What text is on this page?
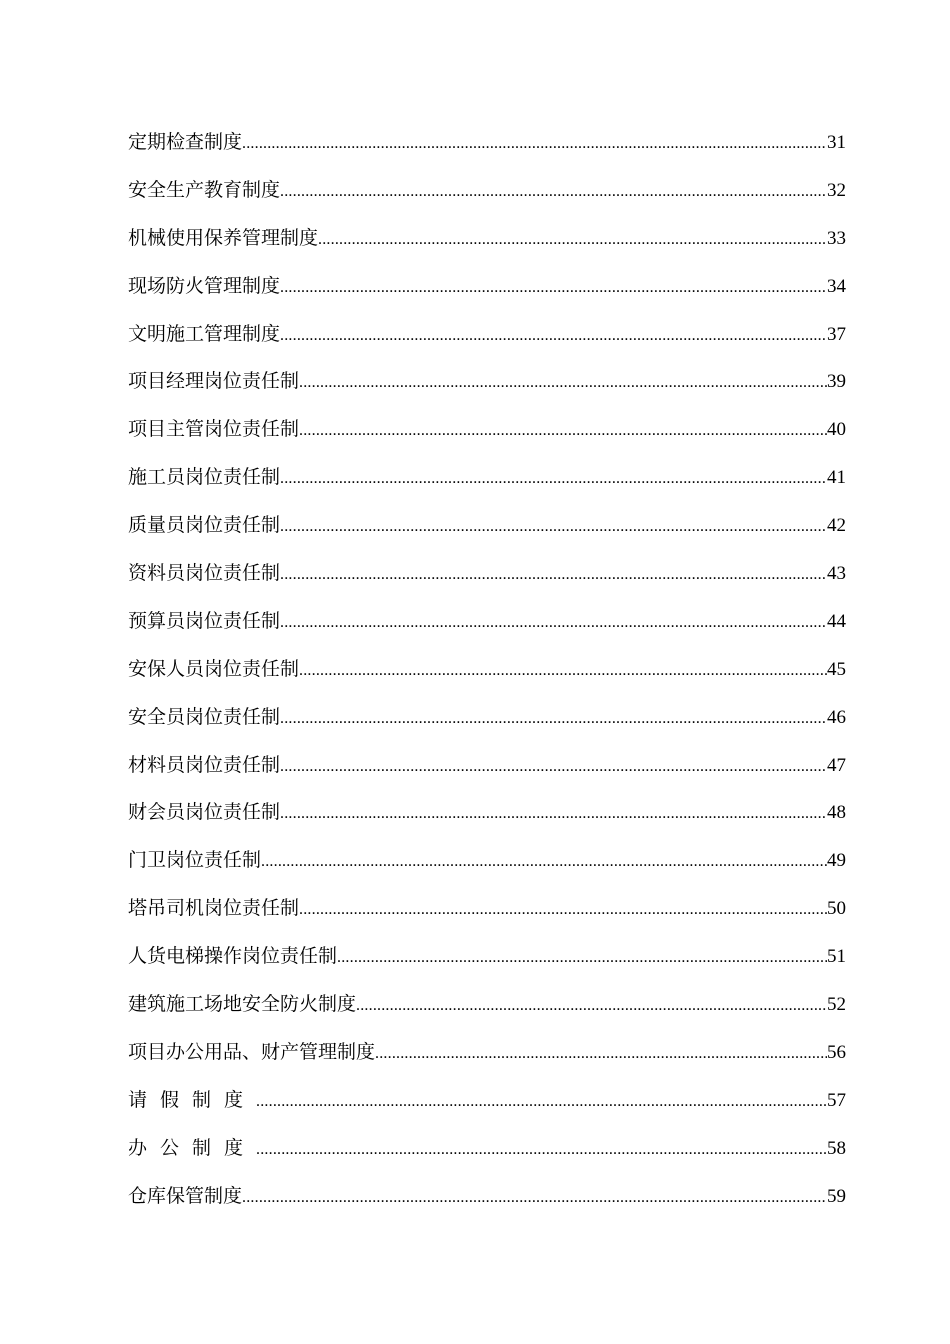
定期检查制度 .....	31
安全生产教育制度 .....	32
机械使用保养管理制度 .....	33
现场防火管理制度 .....	34
文明施工管理制度 .....	37
项目经理岗位责任制 .....	39
项目主管岗位责任制 .....	40
施工员岗位责任制 .....	41
质量员岗位责任制 .....	42
资料员岗位责任制 .....	43
预算员岗位责任制 .....	44
安保人员岗位责任制 .....	45
安全员岗位责任制 .....	46
材料员岗位责任制 .....	47
财会员岗位责任制 .....	48
门卫岗位责任制 .....	49
塔吊司机岗位责任制 .....	50
人货电梯操作岗位责任制 .....	51
建筑施工场地安全防火制度 .....	52
项目办公用品、财产管理制度 .....	56
请假制度 .....	57
办公制度 .....	58
仓库保管制度 .....	59
